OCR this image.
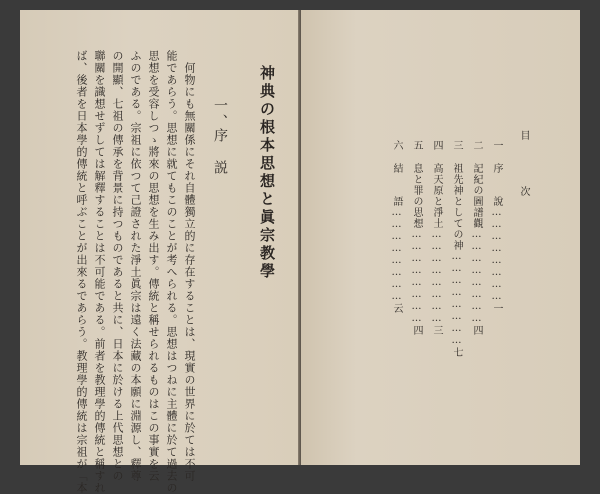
神典の根本思想と眞宗教學
一、
序　説
何物にも無關係にそれ自體獨立的に存在することは、現實の世界に於ては不可
能であらう。思想に就てもこのことが考へられる。思想はつねに主體に於て過去の
思想を受容しつゝ將來の思想を生み出す。傳統と稱せられるものはこの事實を云
ふのである。宗祖に依つて己證された淨土眞宗は遠く法藏の本願に淵源し、釋尊
の開顯、七祖の傳承を背景に持つものであると共に、日本に於ける上代思想との
聯關を識想せずしては解釋することは不可能である。前者を教理學的傳統と稱すれ
ば、後者を日本學的傳統と呼ぶことが出來るであらう。教理學的傳統は宗祖が「本	目　次
一 序　　說……………………一
二 記紀の圖譜觀……………………四
三 祖先神としての神……………………七
四 高天原と淨土……………………三
五 息と罪の思想……………………四
六 結　　語……………………云
